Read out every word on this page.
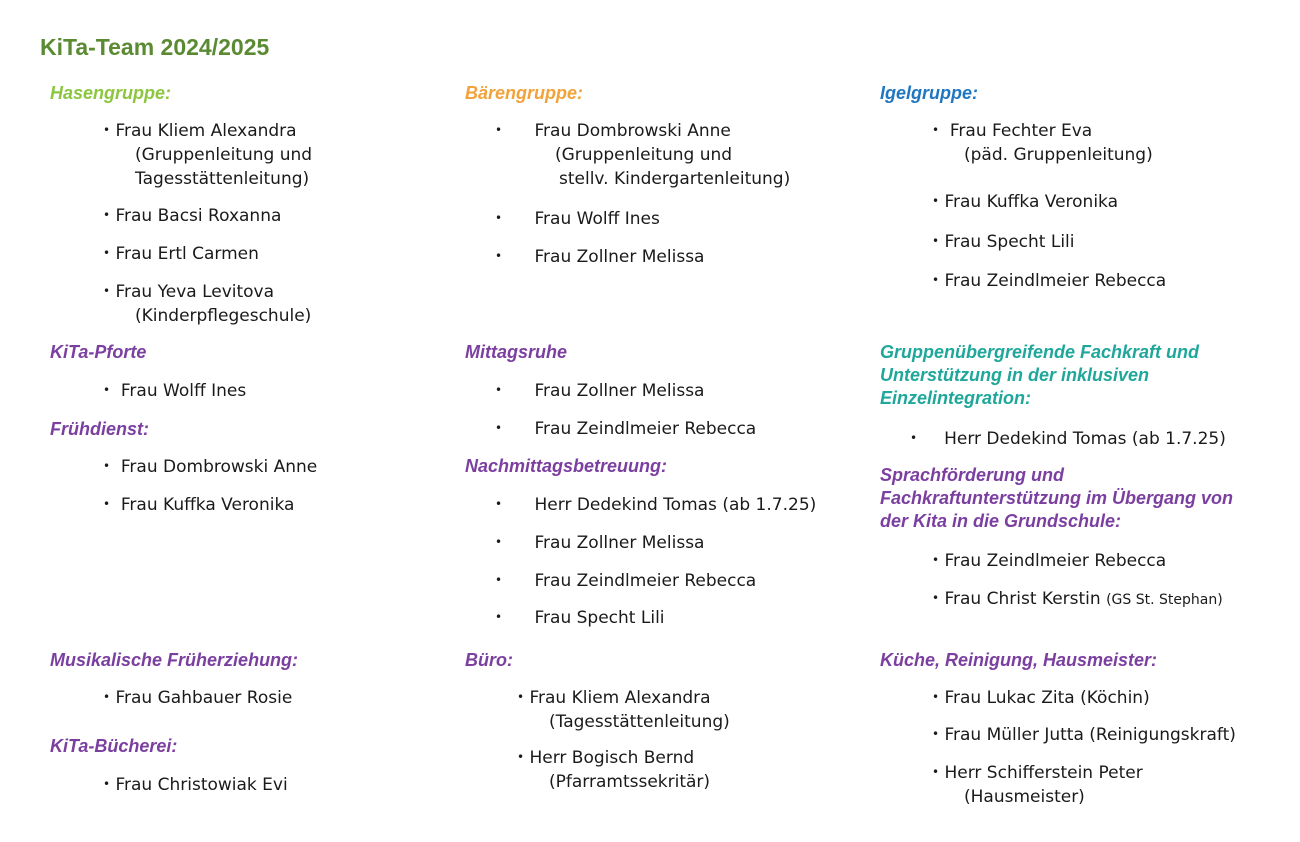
KiTa-Team 2024/2025
Hasengruppe:
• Frau Kliem Alexandra
(Gruppenleitung und
Tagesstättenleitung)
• Frau Bacsi Roxanna
• Frau Ertl Carmen
• Frau Yeva Levitova
(Kinderpflegeschule)
KiTa-Pforte
• Frau Wolff Ines
Frühdienst:
• Frau Dombrowski Anne
• Frau Kuffka Veronika
Musikalische Früherziehung:
• Frau Gahbauer Rosie
KiTa-Bücherei:
• Frau Christowiak Evi
Bärengruppe:
• Frau Dombrowski Anne
(Gruppenleitung und
stellv. Kindergartenleitung)
• Frau Wolff Ines
• Frau Zollner Melissa
Mittagsruhe
• Frau Zollner Melissa
• Frau Zeindlmeier Rebecca
Nachmittagsbetreuung:
• Herr Dedekind Tomas (ab 1.7.25)
• Frau Zollner Melissa
• Frau Zeindlmeier Rebecca
• Frau Specht Lili
Büro:
• Frau Kliem Alexandra
(Tagesstättenleitung)
• Herr Bogisch Bernd
(Pfarramtssekritär)
Igelgruppe:
• Frau Fechter Eva
(päd. Gruppenleitung)
• Frau Kuffka Veronika
• Frau Specht Lili
• Frau Zeindlmeier Rebecca
Gruppenübergreifende Fachkraft und
Unterstützung in der inklusiven
Einzelintegration:
• Herr Dedekind Tomas (ab 1.7.25)
Sprachförderung und
Fachkraftunterstützung im Übergang von
der Kita in die Grundschule:
• Frau Zeindlmeier Rebecca
• Frau Christ Kerstin (GS St. Stephan)
Küche, Reinigung, Hausmeister:
• Frau Lukac Zita (Köchin)
• Frau Müller Jutta (Reinigungskraft)
• Herr Schifferstein Peter
(Hausmeister)
